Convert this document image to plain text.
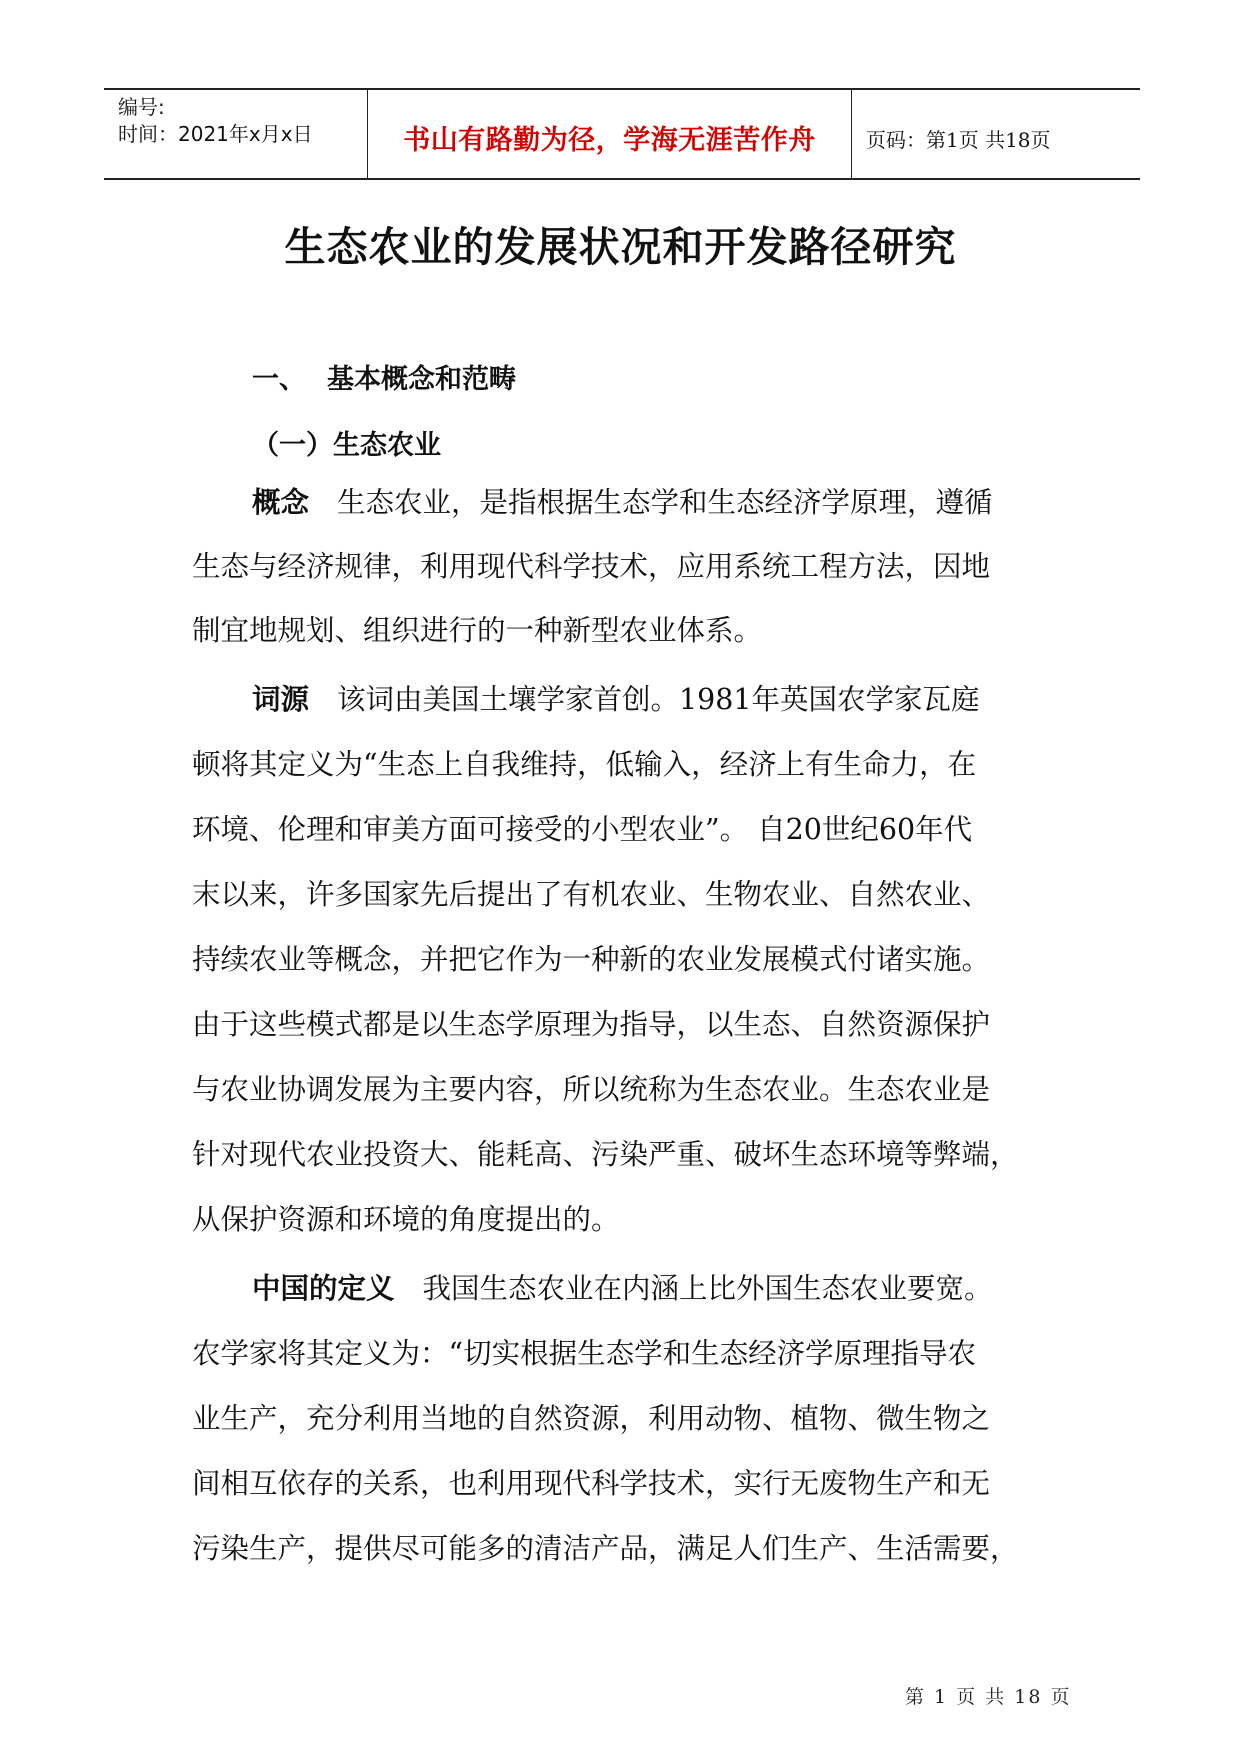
编号:
时间：2021年x月x日	书山有路勤为径，学海无涯苦作舟	页码：第1页 共18页
生态农业的发展状况和开发路径研究
一、 基本概念和范畴
（一）生态农业
概念 生态农业，是指根据生态学和生态经济学原理，遵循
生态与经济规律，利用现代科学技术，应用系统工程方法，因地
制宜地规划、组织进行的一种新型农业体系。
词源 该词由美国土壤学家首创。1981年英国农学家瓦庭
顿将其定义为“生态上自我维持，低输入，经济上有生命力，在
环境、伦理和审美方面可接受的小型农业”。 自20世纪60年代
末以来，许多国家先后提出了有机农业、生物农业、自然农业、
持续农业等概念，并把它作为一种新的农业发展模式付诸实施。
由于这些模式都是以生态学原理为指导，以生态、自然资源保护
与农业协调发展为主要内容，所以统称为生态农业。生态农业是
针对现代农业投资大、能耗高、污染严重、破坏生态环境等弊端，
从保护资源和环境的角度提出的。
中国的定义 我国生态农业在内涵上比外国生态农业要宽。
农学家将其定义为：“切实根据生态学和生态经济学原理指导农
业生产，充分利用当地的自然资源，利用动物、植物、微生物之
间相互依存的关系，也利用现代科学技术，实行无废物生产和无
污染生产，提供尽可能多的清洁产品，满足人们生产、生活需要，
第 1 页 共 18 页
